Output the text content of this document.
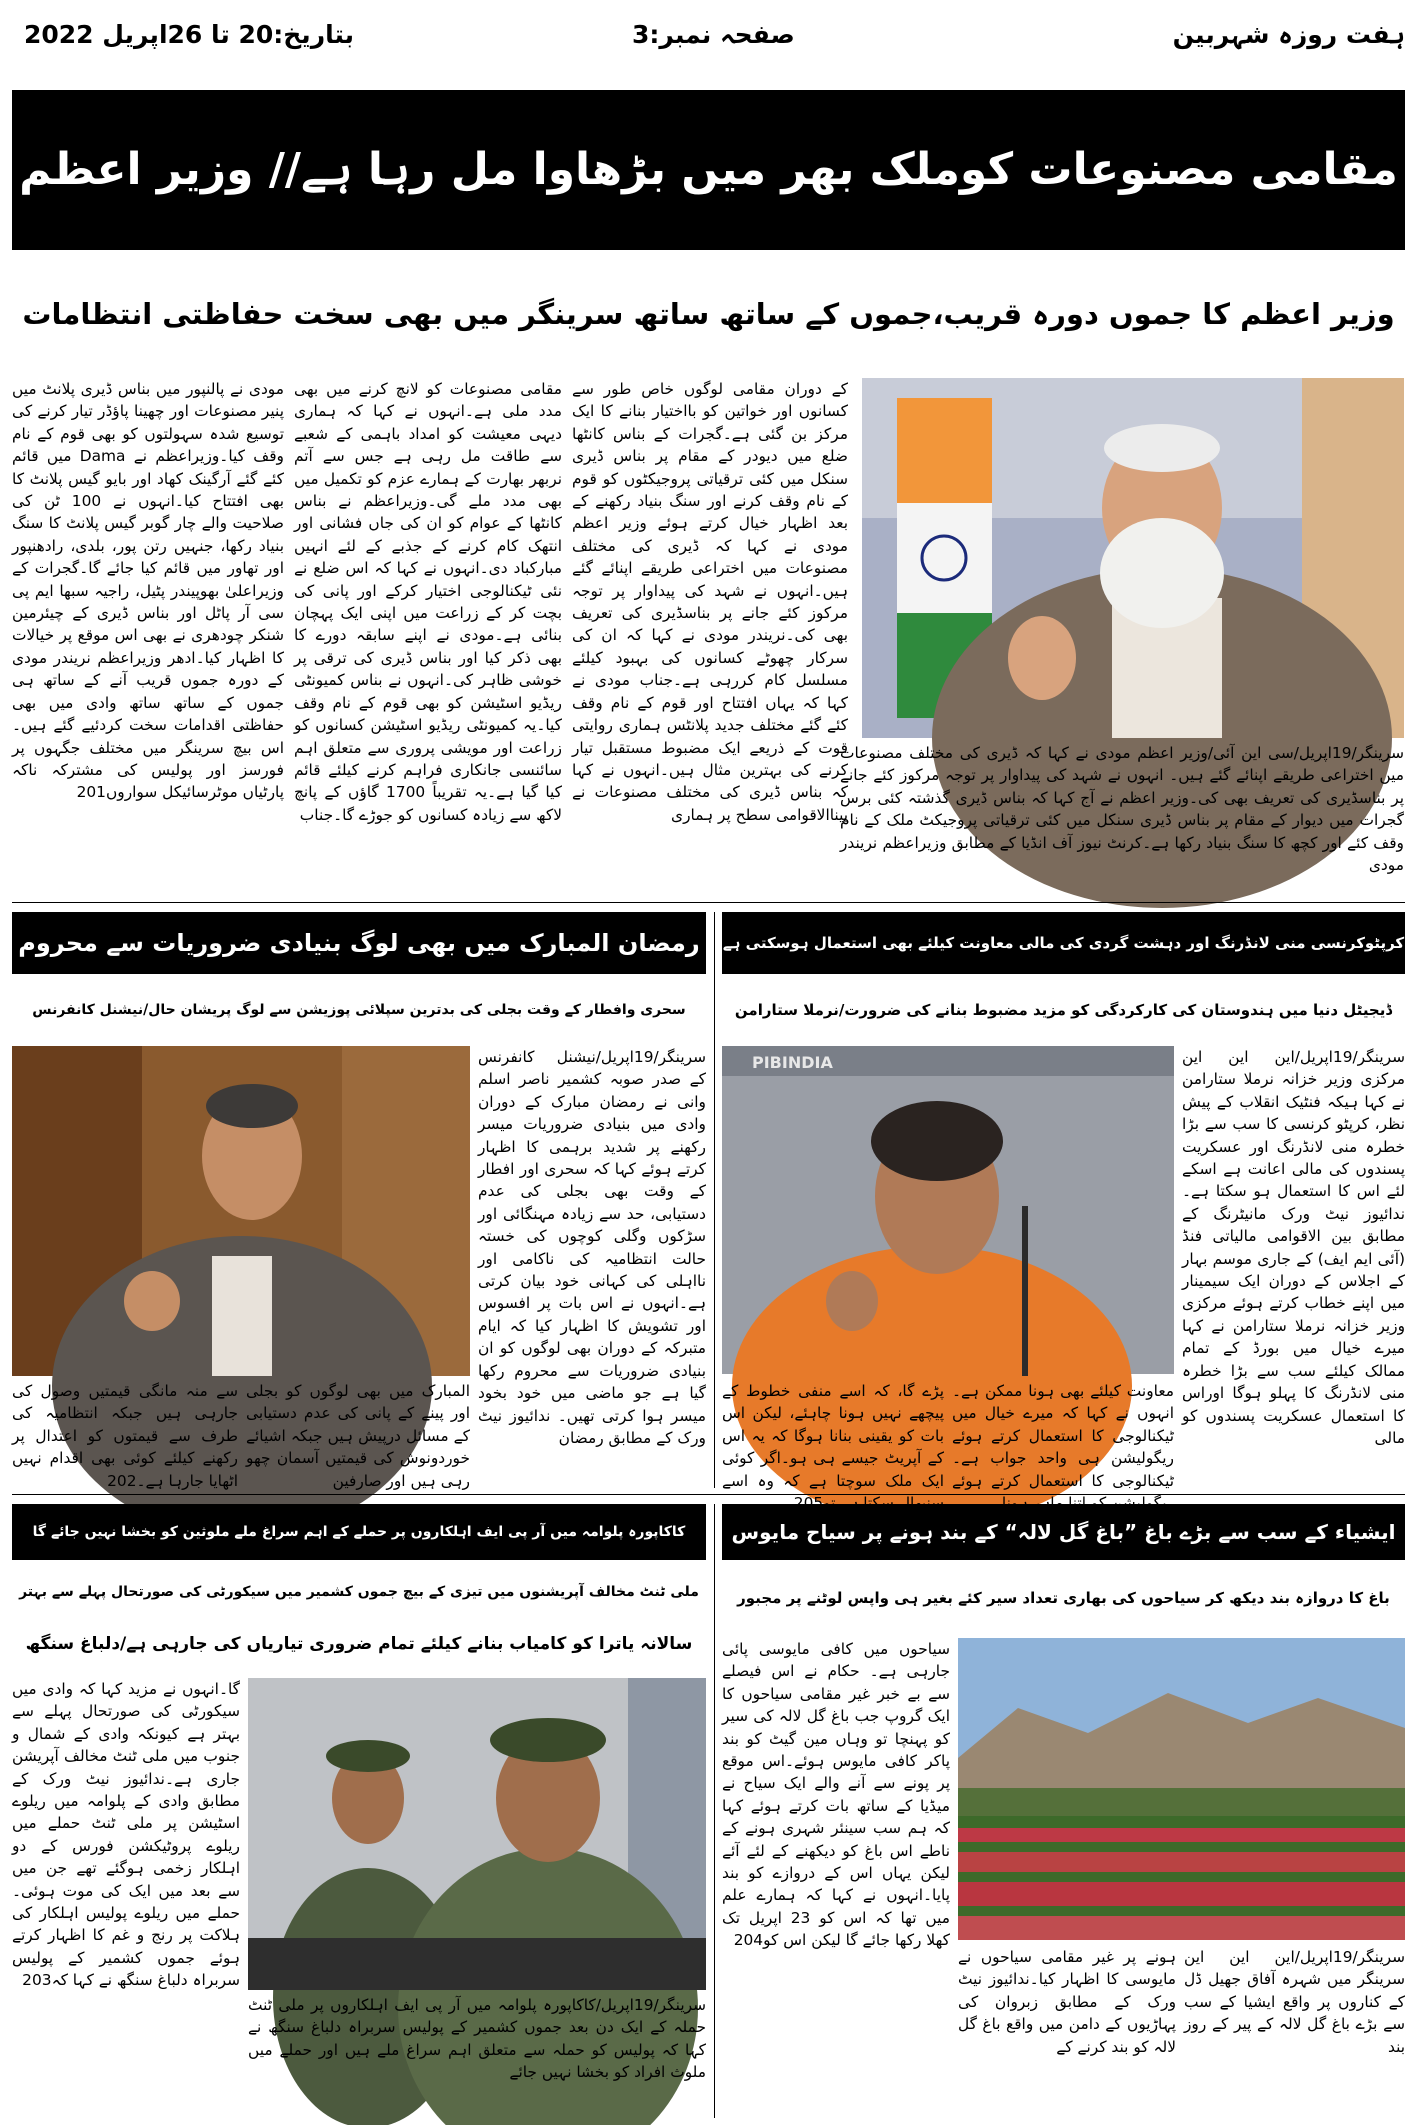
ہفت روزہ شہربین
صفحہ نمبر:3
بتاریخ:20 تا 26اپریل 2022
مقامی مصنوعات کوملک بھر میں بڑھاوا مل رہا ہے// وزیر اعظم
وزیر اعظم کا جموں دورہ قریب،جموں کے ساتھ ساتھ سرینگر میں بھی سخت حفاظتی انتظامات
سرینگر/19اپریل/سی این آئی/وزیر اعظم مودی نے کہا کہ ڈیری کی مختلف مصنوعات میں اختراعی طریقے اپنائے گئے ہیں۔ انہوں نے شہد کی پیداوار پر توجہ مرکوز کئے جانے پر بناسڈیری کی تعریف بھی کی۔وزیر اعظم نے آج کہا کہ بناس ڈیری گذشتہ کئی برس گجرات میں دیوار کے مقام پر بناس ڈیری سنکل میں کئی ترقیاتی پروجیکٹ ملک کے نام وقف کئے اور کچھ کا سنگ بنیاد رکھا ہے۔کرنٹ نیوز آف انڈیا کے مطابق وزیراعظم نریندر مودی
کے دوران مقامی لوگوں خاص طور سے کسانوں اور خواتین کو بااختیار بنانے کا ایک مرکز بن گئی ہے۔گجرات کے بناس کانٹھا ضلع میں دیودر کے مقام پر بناس ڈیری سنکل میں کئی ترقیاتی پروجیکٹوں کو قوم کے نام وقف کرنے اور سنگ بنیاد رکھنے کے بعد اظہار خیال کرتے ہوئے وزیر اعظم مودی نے کہا کہ ڈیری کی مختلف مصنوعات میں اختراعی طریقے اپنائے گئے ہیں۔انہوں نے شہد کی پیداوار پر توجہ مرکوز کئے جانے پر بناسڈیری کی تعریف بھی کی۔نریندر مودی نے کہا کہ ان کی سرکار چھوٹے کسانوں کی بہبود کیلئے مسلسل کام کررہی ہے۔جناب مودی نے کہا کہ یہاں افتتاح اور قوم کے نام وقف کئے گئے مختلف جدید پلانٹس ہماری روایتی قوت کے ذریعے ایک مضبوط مستقبل تیار کرنے کی بہترین مثال ہیں۔انہوں نے کہا کہ بناس ڈیری کی مختلف مصنوعات نے بیناالاقوامی سطح پر ہماری
مقامی مصنوعات کو لانچ کرنے میں بھی مدد ملی ہے۔انہوں نے کہا کہ ہماری دیہی معیشت کو امداد باہمی کے شعبے سے طاقت مل رہی ہے جس سے آتم نربھر بھارت کے ہمارے عزم کو تکمیل میں بھی مدد ملے گی۔وزیراعظم نے بناس کانٹھا کے عوام کو ان کی جاں فشانی اور انتھک کام کرنے کے جذبے کے لئے انہیں مبارکباد دی۔انہوں نے کہا کہ اس ضلع نے نئی ٹیکنالوجی اختیار کرکے اور پانی کی بچت کر کے زراعت میں اپنی ایک پہچان بنائی ہے۔مودی نے اپنے سابقہ دورے کا بھی ذکر کیا اور بناس ڈیری کی ترقی پر خوشی ظاہر کی۔انہوں نے بناس کمیونٹی ریڈیو اسٹیشن کو بھی قوم کے نام وقف کیا۔یہ کمیونٹی ریڈیو اسٹیشن کسانوں کو زراعت اور مویشی پروری سے متعلق اہم سائنسی جانکاری فراہم کرنے کیلئے قائم کیا گیا ہے۔یہ تقریباً 1700 گاؤں کے پانچ لاکھ سے زیادہ کسانوں کو جوڑے گا۔جناب
مودی نے پالنپور میں بناس ڈیری پلانٹ میں پنیر مصنوعات اور چھینا پاؤڈر تیار کرنے کی توسیع شدہ سہولتوں کو بھی قوم کے نام وقف کیا۔وزیراعظم نے Dama میں قائم کئے گئے آرگینک کھاد اور بایو گیس پلانٹ کا بھی افتتاح کیا۔انہوں نے 100 ٹن کی صلاحیت والے چار گوبر گیس پلانٹ کا سنگ بنیاد رکھا، جنہیں رتن پور، بلدی، رادھنپور اور تھاور میں قائم کیا جائے گا۔گجرات کے وزیراعلیٰ بھوپیندر پٹیل، راجیہ سبھا ایم پی سی آر پاٹل اور بناس ڈیری کے چیئرمین شنکر چودھری نے بھی اس موقع پر خیالات کا اظہار کیا۔ادھر وزیراعظم نریندر مودی کے دورہ جموں قریب آنے کے ساتھ ہی جموں کے ساتھ ساتھ وادی میں بھی حفاظتی اقدامات سخت کردئیے گئے ہیں۔اس بیچ سرینگر میں مختلف جگہوں پر فورسز اور پولیس کی مشترکہ ناکہ پارٹیاں موٹرسائیکل سواروں201
رمضان المبارک میں بھی لوگ بنیادی ضروریات سے محروم
سحری وافطار کے وقت بجلی کی بدترین سپلائی پوزیشن سے لوگ پریشان حال/نیشنل کانفرنس
سرینگر/19اپریل/نیشنل کانفرنس کے صدر صوبہ کشمیر ناصر اسلم وانی نے رمضان مبارک کے دوران وادی میں بنیادی ضروریات میسر رکھنے پر شدید برہمی کا اظہار کرتے ہوئے کہا کہ سحری اور افطار کے وقت بھی بجلی کی عدم دستیابی، حد سے زیادہ مہنگائی اور سڑکوں وگلی کوچوں کی خستہ حالت انتظامیہ کی ناکامی اور نااہلی کی کہانی خود بیان کرتی ہے۔انہوں نے اس بات پر افسوس اور تشویش کا اظہار کیا کہ ایام متبرکہ کے دوران بھی لوگوں کو ان بنیادی ضروریات سے محروم رکھا گیا ہے جو ماضی میں خود بخود میسر ہوا کرتی تھیں۔ ندائیوز نیٹ ورک کے مطابق رمضان
المبارک میں بھی لوگوں کو بجلی اور پینے کے پانی کی عدم دستیابی کے مسائل درپیش ہیں جبکہ اشیائے خوردونوش کی قیمتیں آسمان چھو رہی ہیں اور صارفین
سے منہ مانگی قیمتیں وصول کی جارہی ہیں جبکہ انتظامیہ کی طرف سے قیمتوں کو اعتدال پر رکھنے کیلئے کوئی بھی اقدام نہیں اٹھایا جارہا ہے۔202
کرپٹوکرنسی منی لانڈرنگ اور دہشت گردی کی مالی معاونت کیلئے بھی استعمال ہوسکتی ہے
ڈیجیٹل دنیا میں ہندوستان کی کارکردگی کو مزید مضبوط بنانے کی ضرورت/نرملا ستارامن
سرینگر/19اپریل/این این این مرکزی وزیر خزانہ نرملا ستارامن نے کہا ہیکہ فنٹیک انقلاب کے پیش نظر، کرپٹو کرنسی کا سب سے بڑا خطرہ منی لانڈرنگ اور عسکریت پسندوں کی مالی اعانت ہے اسکے لئے اس کا استعمال ہو سکتا ہے۔ندائیوز نیٹ ورک مانیٹرنگ کے مطابق بین الاقوامی مالیاتی فنڈ (آئی ایم ایف) کے جاری موسم بہار کے اجلاس کے دوران ایک سیمینار میں اپنے خطاب کرتے ہوئے مرکزی وزیر خزانہ نرملا ستارامن نے کہا میرے خیال میں بورڈ کے تمام ممالک کیلئے سب سے بڑا خطرہ منی لانڈرنگ کا پہلو ہوگا اوراس کا استعمال عسکریت پسندوں کو مالی
PIBINDIA
معاونت کیلئے بھی ہونا ممکن ہے۔انہوں نے کہا کہ میرے خیال میں ٹیکنالوجی کا استعمال کرتے ہوئے ریگولیشن ہی واحد جواب ہے۔ٹیکنالوجی کا استعمال کرتے ہوئے
پڑے گا، کہ اسے منفی خطوط کے پیچھے نہیں ہونا چاہئے، لیکن اس بات کو یقینی بنانا ہوگا کہ یہ اس کے آپریٹ جیسے ہی ہو۔اگر کوئی ایک ملک سوچتا ہے کہ وہ اسے
کاکاپورہ پلوامہ میں آر پی ایف اہلکاروں پر حملے کے اہم سراغ ملے ملوثین کو بخشا نہیں جائے گا
ملی ٹنٹ مخالف آپریشنوں میں تیزی کے بیچ جموں کشمیر میں سیکورٹی کی صورتحال پہلے سے بہتر
سالانہ یاترا کو کامیاب بنانے کیلئے تمام ضروری تیاریاں کی جارہی ہے/دلباغ سنگھ
گا۔انہوں نے مزید کہا کہ وادی میں سیکورٹی کی صورتحال پہلے سے بہتر ہے کیونکہ وادی کے شمال و جنوب میں ملی ٹنٹ مخالف آپریشن جاری ہے۔ندائیوز نیٹ ورک کے مطابق وادی کے پلوامہ میں ریلوے اسٹیشن پر ملی ٹنٹ حملے میں ریلوے پروٹیکشن فورس کے دو اہلکار زخمی ہوگئے تھے جن میں سے بعد میں ایک کی موت ہوئی۔ حملے میں ریلوے پولیس اہلکار کی ہلاکت پر رنج و غم کا اظہار کرتے ہوئے جموں کشمیر کے پولیس سربراہ دلباغ سنگھ نے کہا کہ203
سرینگر/19اپریل/کاکاپورہ پلوامہ میں آر پی ایف اہلکاروں پر ملی ٹنٹ حملہ کے ایک دن بعد جموں کشمیر کے پولیس سربراہ دلباغ سنگھ نے کہا کہ پولیس کو حملہ سے متعلق اہم سراغ ملے ہیں اور حملے میں ملوث افراد کو بخشا نہیں جائے
ایشیاء کے سب سے بڑے باغ ”باغ گل لالہ“ کے بند ہونے پر سیاح مایوس
باغ کا دروازہ بند دیکھ کر سیاحوں کی بھاری تعداد سیر کئے بغیر ہی واپس لوٹنے پر مجبور
سیاحوں میں کافی مایوسی پائی جارہی ہے۔ حکام نے اس فیصلے سے بے خبر غیر مقامی سیاحوں کا ایک گروپ جب باغ گل لالہ کی سیر کو پہنچا تو وہاں مین گیٹ کو بند پاکر کافی مایوس ہوئے۔اس موقع پر پونے سے آنے والے ایک سیاح نے میڈیا کے ساتھ بات کرتے ہوئے کہا کہ ہم سب سینئر شہری ہونے کے ناطے اس باغ کو دیکھنے کے لئے آئے لیکن یہاں اس کے دروازے کو بند پایا۔انہوں نے کہا کہ ہمارے علم میں تھا کہ اس کو 23 اپریل تک کھلا رکھا جائے گا لیکن اس کو204
ہونے پر غیر مقامی سیاحوں نے مایوسی کا اظہار کیا۔ندائیوز نیٹ ورک کے مطابق زبروان کی پہاڑیوں کے دامن میں واقع باغ گل لالہ کو بند کرنے کے
سرینگر/19اپریل/این این این سرینگر میں شہرہ آفاق جھیل ڈل کے کناروں پر واقع ایشیا کے سب سے بڑے باغ گل لالہ کے پیر کے روز بند
